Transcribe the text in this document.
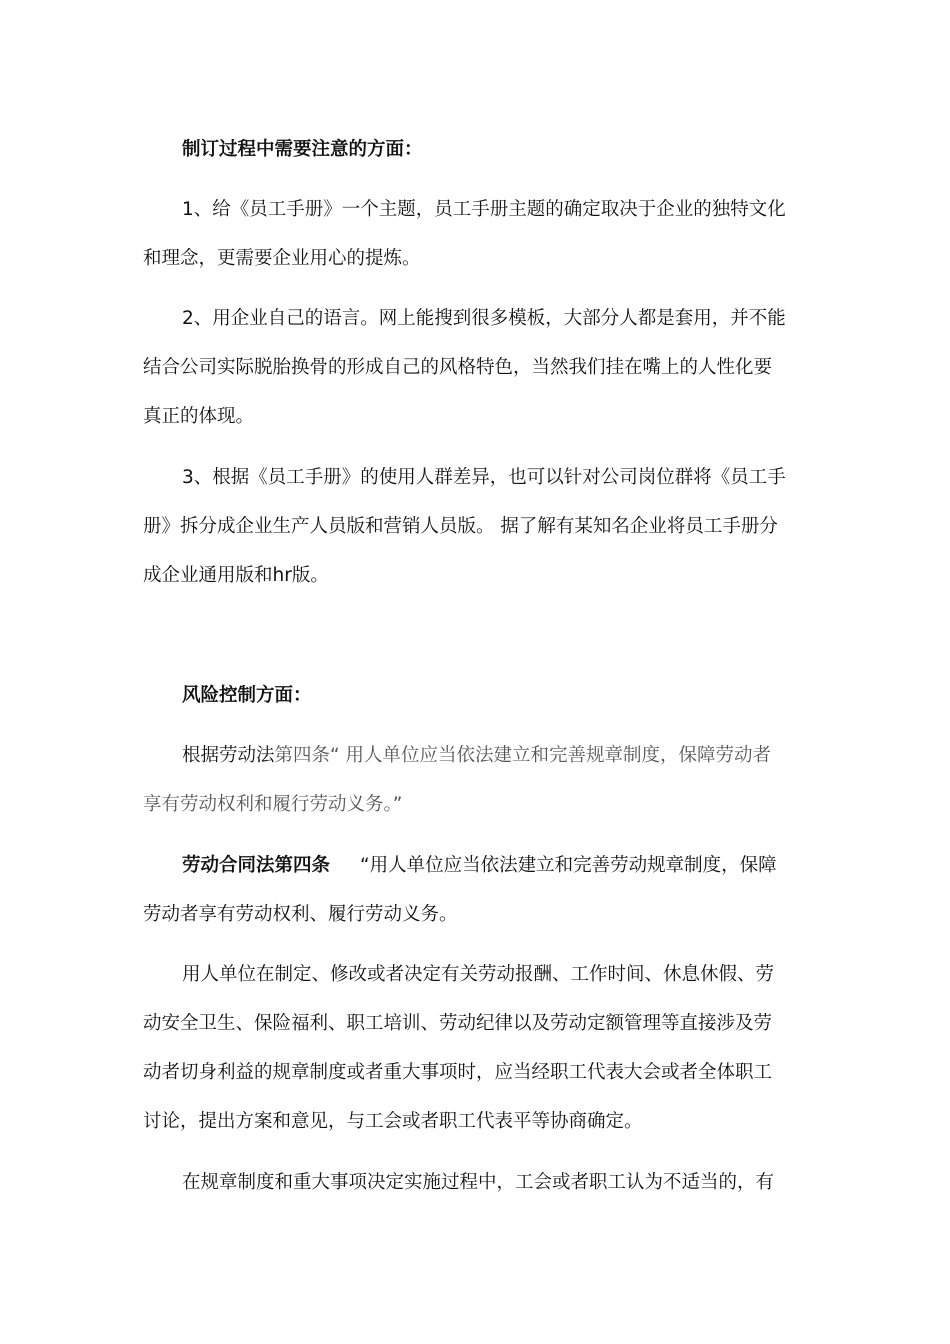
制订过程中需要注意的方面：
1、给《员工手册》一个主题，员工手册主题的确定取决于企业的独特文化
和理念，更需要企业用心的提炼。
2、用企业自己的语言。网上能搜到很多模板，大部分人都是套用，并不能
结合公司实际脱胎换骨的形成自己的风格特色，当然我们挂在嘴上的人性化要
真正的体现。
3、根据《员工手册》的使用人群差异，也可以针对公司岗位群将《员工手
册》拆分成企业生产人员版和营销人员版。 据了解有某知名企业将员工手册分
成企业通用版和hr版。
风险控制方面：
根据劳动法第四条“ 用人单位应当依法建立和完善规章制度，保障劳动者
享有劳动权利和履行劳动义务。”
劳动合同法第四条 “用人单位应当依法建立和完善劳动规章制度，保障
劳动者享有劳动权利、履行劳动义务。
用人单位在制定、修改或者决定有关劳动报酬、工作时间、休息休假、劳
动安全卫生、保险福利、职工培训、劳动纪律以及劳动定额管理等直接涉及劳
动者切身利益的规章制度或者重大事项时，应当经职工代表大会或者全体职工
讨论，提出方案和意见，与工会或者职工代表平等协商确定。
在规章制度和重大事项决定实施过程中，工会或者职工认为不适当的，有
